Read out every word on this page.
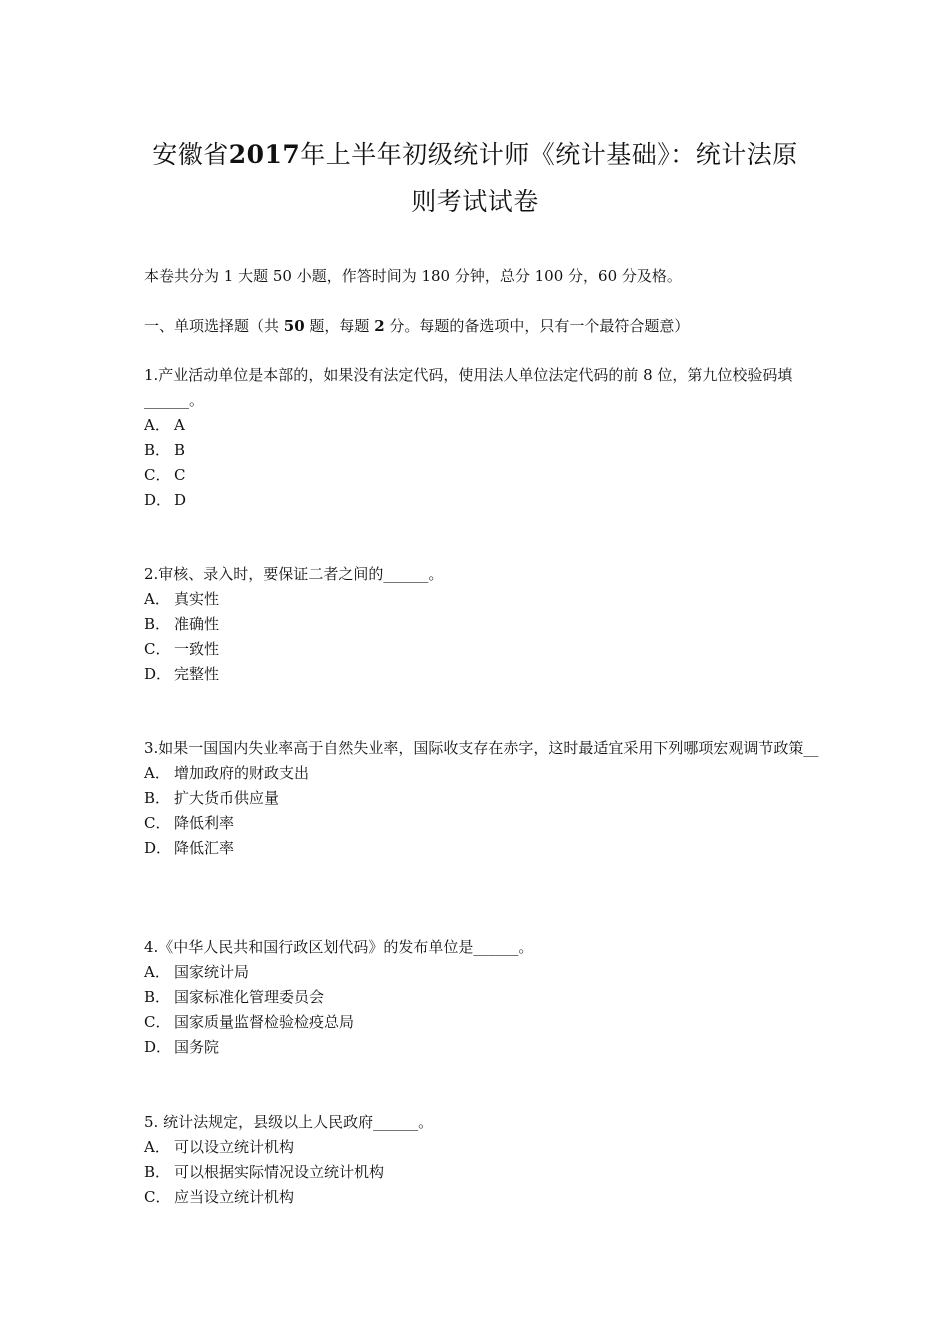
安徽省2017年上半年初级统计师《统计基础》：统计法原
则考试试卷
本卷共分为 1 大题 50 小题，作答时间为 180 分钟，总分 100 分，60 分及格。
一、单项选择题（共 50 题，每题 2 分。每题的备选项中，只有一个最符合题意）
1.产业活动单位是本部的，如果没有法定代码，使用法人单位法定代码的前 8 位，第九位校验码填______。
A． A
B． B
C． C
D． D
2.审核、录入时，要保证二者之间的______。
A． 真实性
B． 准确性
C． 一致性
D． 完整性
3.如果一国国内失业率高于自然失业率，国际收支存在赤字，这时最适宜采用下列哪项宏观调节政策__
A． 增加政府的财政支出
B． 扩大货币供应量
C． 降低利率
D． 降低汇率
4.《中华人民共和国行政区划代码》的发布单位是______。
A． 国家统计局
B． 国家标准化管理委员会
C． 国家质量监督检验检疫总局
D． 国务院
5. 统计法规定，县级以上人民政府______。
A． 可以设立统计机构
B． 可以根据实际情况设立统计机构
C． 应当设立统计机构
